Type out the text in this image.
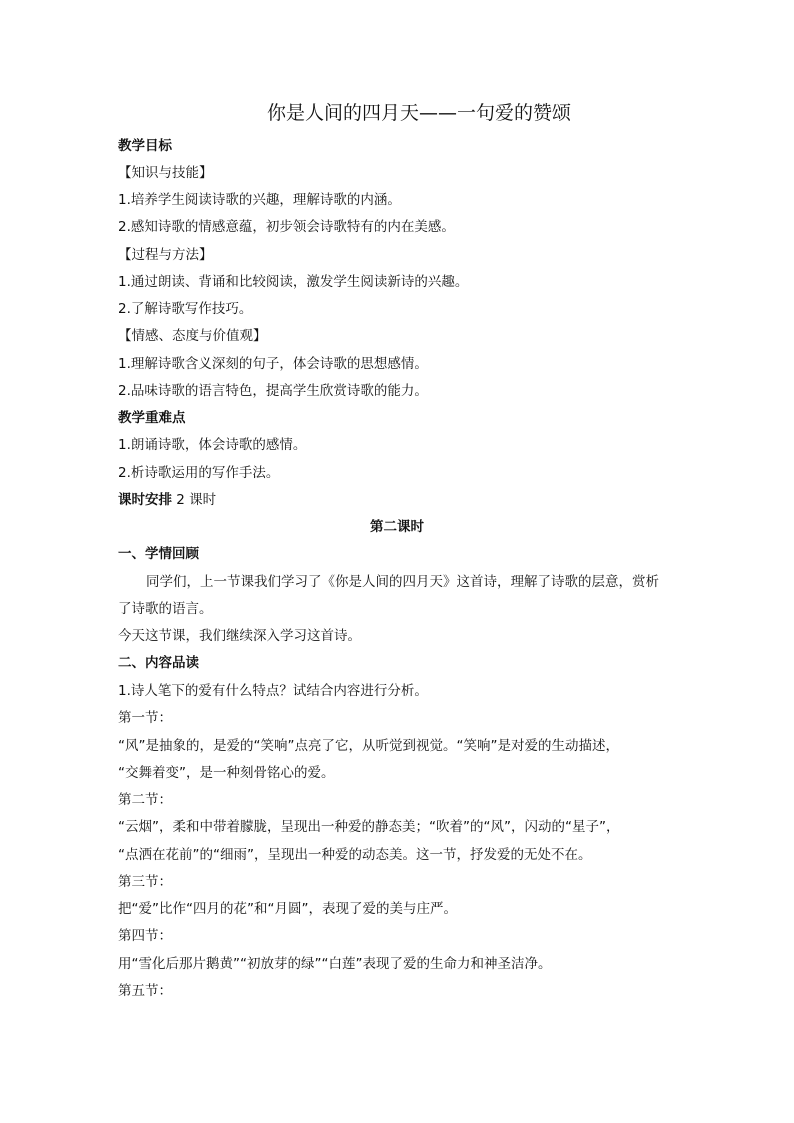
你是人间的四月天——一句爱的赞颂
教学目标
【知识与技能】
1.培养学生阅读诗歌的兴趣，理解诗歌的内涵。
2.感知诗歌的情感意蕴，初步领会诗歌特有的内在美感。
【过程与方法】
1.通过朗读、背诵和比较阅读，激发学生阅读新诗的兴趣。
2.了解诗歌写作技巧。
【情感、态度与价值观】
1.理解诗歌含义深刻的句子，体会诗歌的思想感情。
2.品味诗歌的语言特色，提高学生欣赏诗歌的能力。
教学重难点
1.朗诵诗歌，体会诗歌的感情。
2.析诗歌运用的写作手法。
课时安排 2 课时
第二课时
一、学情回顾
同学们，上一节课我们学习了《你是人间的四月天》这首诗，理解了诗歌的层意，赏析
了诗歌的语言。
今天这节课，我们继续深入学习这首诗。
二、内容品读
1.诗人笔下的爱有什么特点？试结合内容进行分析。
第一节：
“风”是抽象的，是爱的“笑响”点亮了它，从听觉到视觉。“笑响”是对爱的生动描述，
“交舞着变”，是一种刻骨铭心的爱。
第二节：
“云烟”，柔和中带着朦胧，呈现出一种爱的静态美；“吹着”的“风”，闪动的“星子”，
“点洒在花前”的“细雨”，呈现出一种爱的动态美。这一节，抒发爱的无处不在。
第三节：
把“爱”比作“四月的花”和“月圆”，表现了爱的美与庄严。
第四节：
用“雪化后那片鹅黄”“初放芽的绿”“白莲”表现了爱的生命力和神圣洁净。
第五节：
